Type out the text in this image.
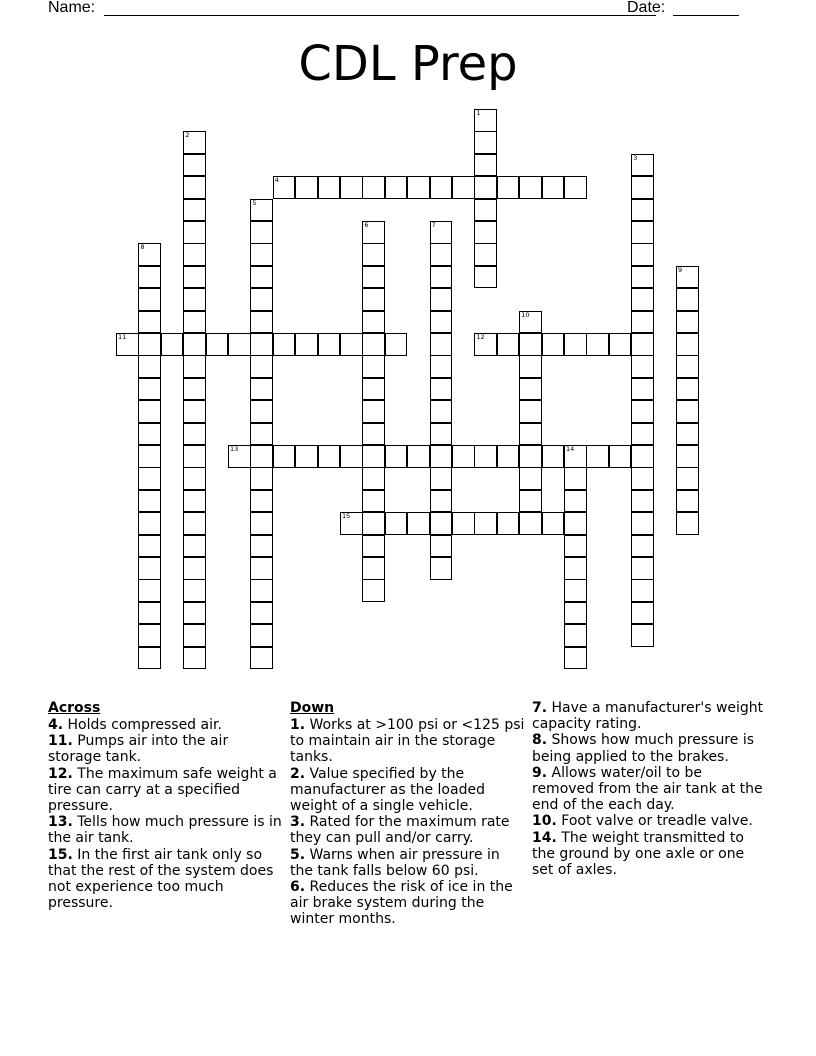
Name:	Date:
CDL Prep
1
2
3
4
5
6	7
8
9
10
11	12
13	14
15
Across

4. Holds compressed air.

11. Pumps air into the air storage tank.

12. The maximum safe weight a tire can carry at a specified pressure.

13. Tells how much pressure is in the air tank.

15. In the first air tank only so that the rest of the system does not experience too much pressure.

Down

1. Works at >100 psi or <125 psi to maintain air in the storage tanks.

2. Value specified by the manufacturer as the loaded weight of a single vehicle.

3. Rated for the maximum rate they can pull and/or carry.

5. Warns when air pressure in the tank falls below 60 psi.

6. Reduces the risk of ice in the air brake system during the winter months.

7. Have a manufacturer's weight capacity rating.

8. Shows how much pressure is being applied to the brakes.

9. Allows water/oil to be removed from the air tank at the end of the each day.

10. Foot valve or treadle valve.

14. The weight transmitted to the ground by one axle or one set of axles.
